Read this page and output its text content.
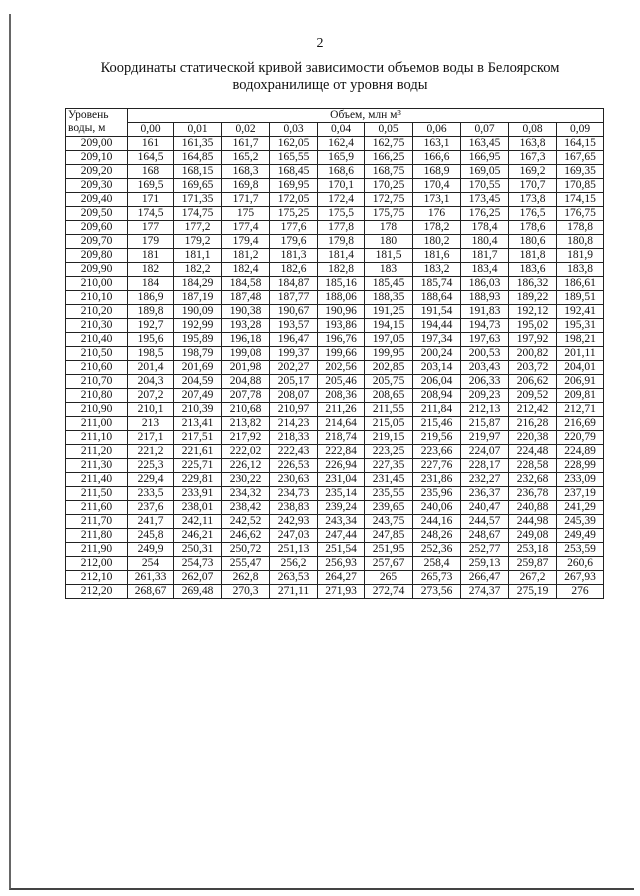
2
Координаты статической кривой зависимости объемов воды в Белоярском
водохранилище от уровня воды
Уровень
воды, м	Объем, млн м³									
	0,00	0,01	0,02	0,03	0,04	0,05	0,06	0,07	0,08	0,09
209,00	161	161,35	161,7	162,05	162,4	162,75	163,1	163,45	163,8	164,15
209,10	164,5	164,85	165,2	165,55	165,9	166,25	166,6	166,95	167,3	167,65
209,20	168	168,15	168,3	168,45	168,6	168,75	168,9	169,05	169,2	169,35
209,30	169,5	169,65	169,8	169,95	170,1	170,25	170,4	170,55	170,7	170,85
209,40	171	171,35	171,7	172,05	172,4	172,75	173,1	173,45	173,8	174,15
209,50	174,5	174,75	175	175,25	175,5	175,75	176	176,25	176,5	176,75
209,60	177	177,2	177,4	177,6	177,8	178	178,2	178,4	178,6	178,8
209,70	179	179,2	179,4	179,6	179,8	180	180,2	180,4	180,6	180,8
209,80	181	181,1	181,2	181,3	181,4	181,5	181,6	181,7	181,8	181,9
209,90	182	182,2	182,4	182,6	182,8	183	183,2	183,4	183,6	183,8
210,00	184	184,29	184,58	184,87	185,16	185,45	185,74	186,03	186,32	186,61
210,10	186,9	187,19	187,48	187,77	188,06	188,35	188,64	188,93	189,22	189,51
210,20	189,8	190,09	190,38	190,67	190,96	191,25	191,54	191,83	192,12	192,41
210,30	192,7	192,99	193,28	193,57	193,86	194,15	194,44	194,73	195,02	195,31
210,40	195,6	195,89	196,18	196,47	196,76	197,05	197,34	197,63	197,92	198,21
210,50	198,5	198,79	199,08	199,37	199,66	199,95	200,24	200,53	200,82	201,11
210,60	201,4	201,69	201,98	202,27	202,56	202,85	203,14	203,43	203,72	204,01
210,70	204,3	204,59	204,88	205,17	205,46	205,75	206,04	206,33	206,62	206,91
210,80	207,2	207,49	207,78	208,07	208,36	208,65	208,94	209,23	209,52	209,81
210,90	210,1	210,39	210,68	210,97	211,26	211,55	211,84	212,13	212,42	212,71
211,00	213	213,41	213,82	214,23	214,64	215,05	215,46	215,87	216,28	216,69
211,10	217,1	217,51	217,92	218,33	218,74	219,15	219,56	219,97	220,38	220,79
211,20	221,2	221,61	222,02	222,43	222,84	223,25	223,66	224,07	224,48	224,89
211,30	225,3	225,71	226,12	226,53	226,94	227,35	227,76	228,17	228,58	228,99
211,40	229,4	229,81	230,22	230,63	231,04	231,45	231,86	232,27	232,68	233,09
211,50	233,5	233,91	234,32	234,73	235,14	235,55	235,96	236,37	236,78	237,19
211,60	237,6	238,01	238,42	238,83	239,24	239,65	240,06	240,47	240,88	241,29
211,70	241,7	242,11	242,52	242,93	243,34	243,75	244,16	244,57	244,98	245,39
211,80	245,8	246,21	246,62	247,03	247,44	247,85	248,26	248,67	249,08	249,49
211,90	249,9	250,31	250,72	251,13	251,54	251,95	252,36	252,77	253,18	253,59
212,00	254	254,73	255,47	256,2	256,93	257,67	258,4	259,13	259,87	260,6
212,10	261,33	262,07	262,8	263,53	264,27	265	265,73	266,47	267,2	267,93
212,20	268,67	269,48	270,3	271,11	271,93	272,74	273,56	274,37	275,19	276
